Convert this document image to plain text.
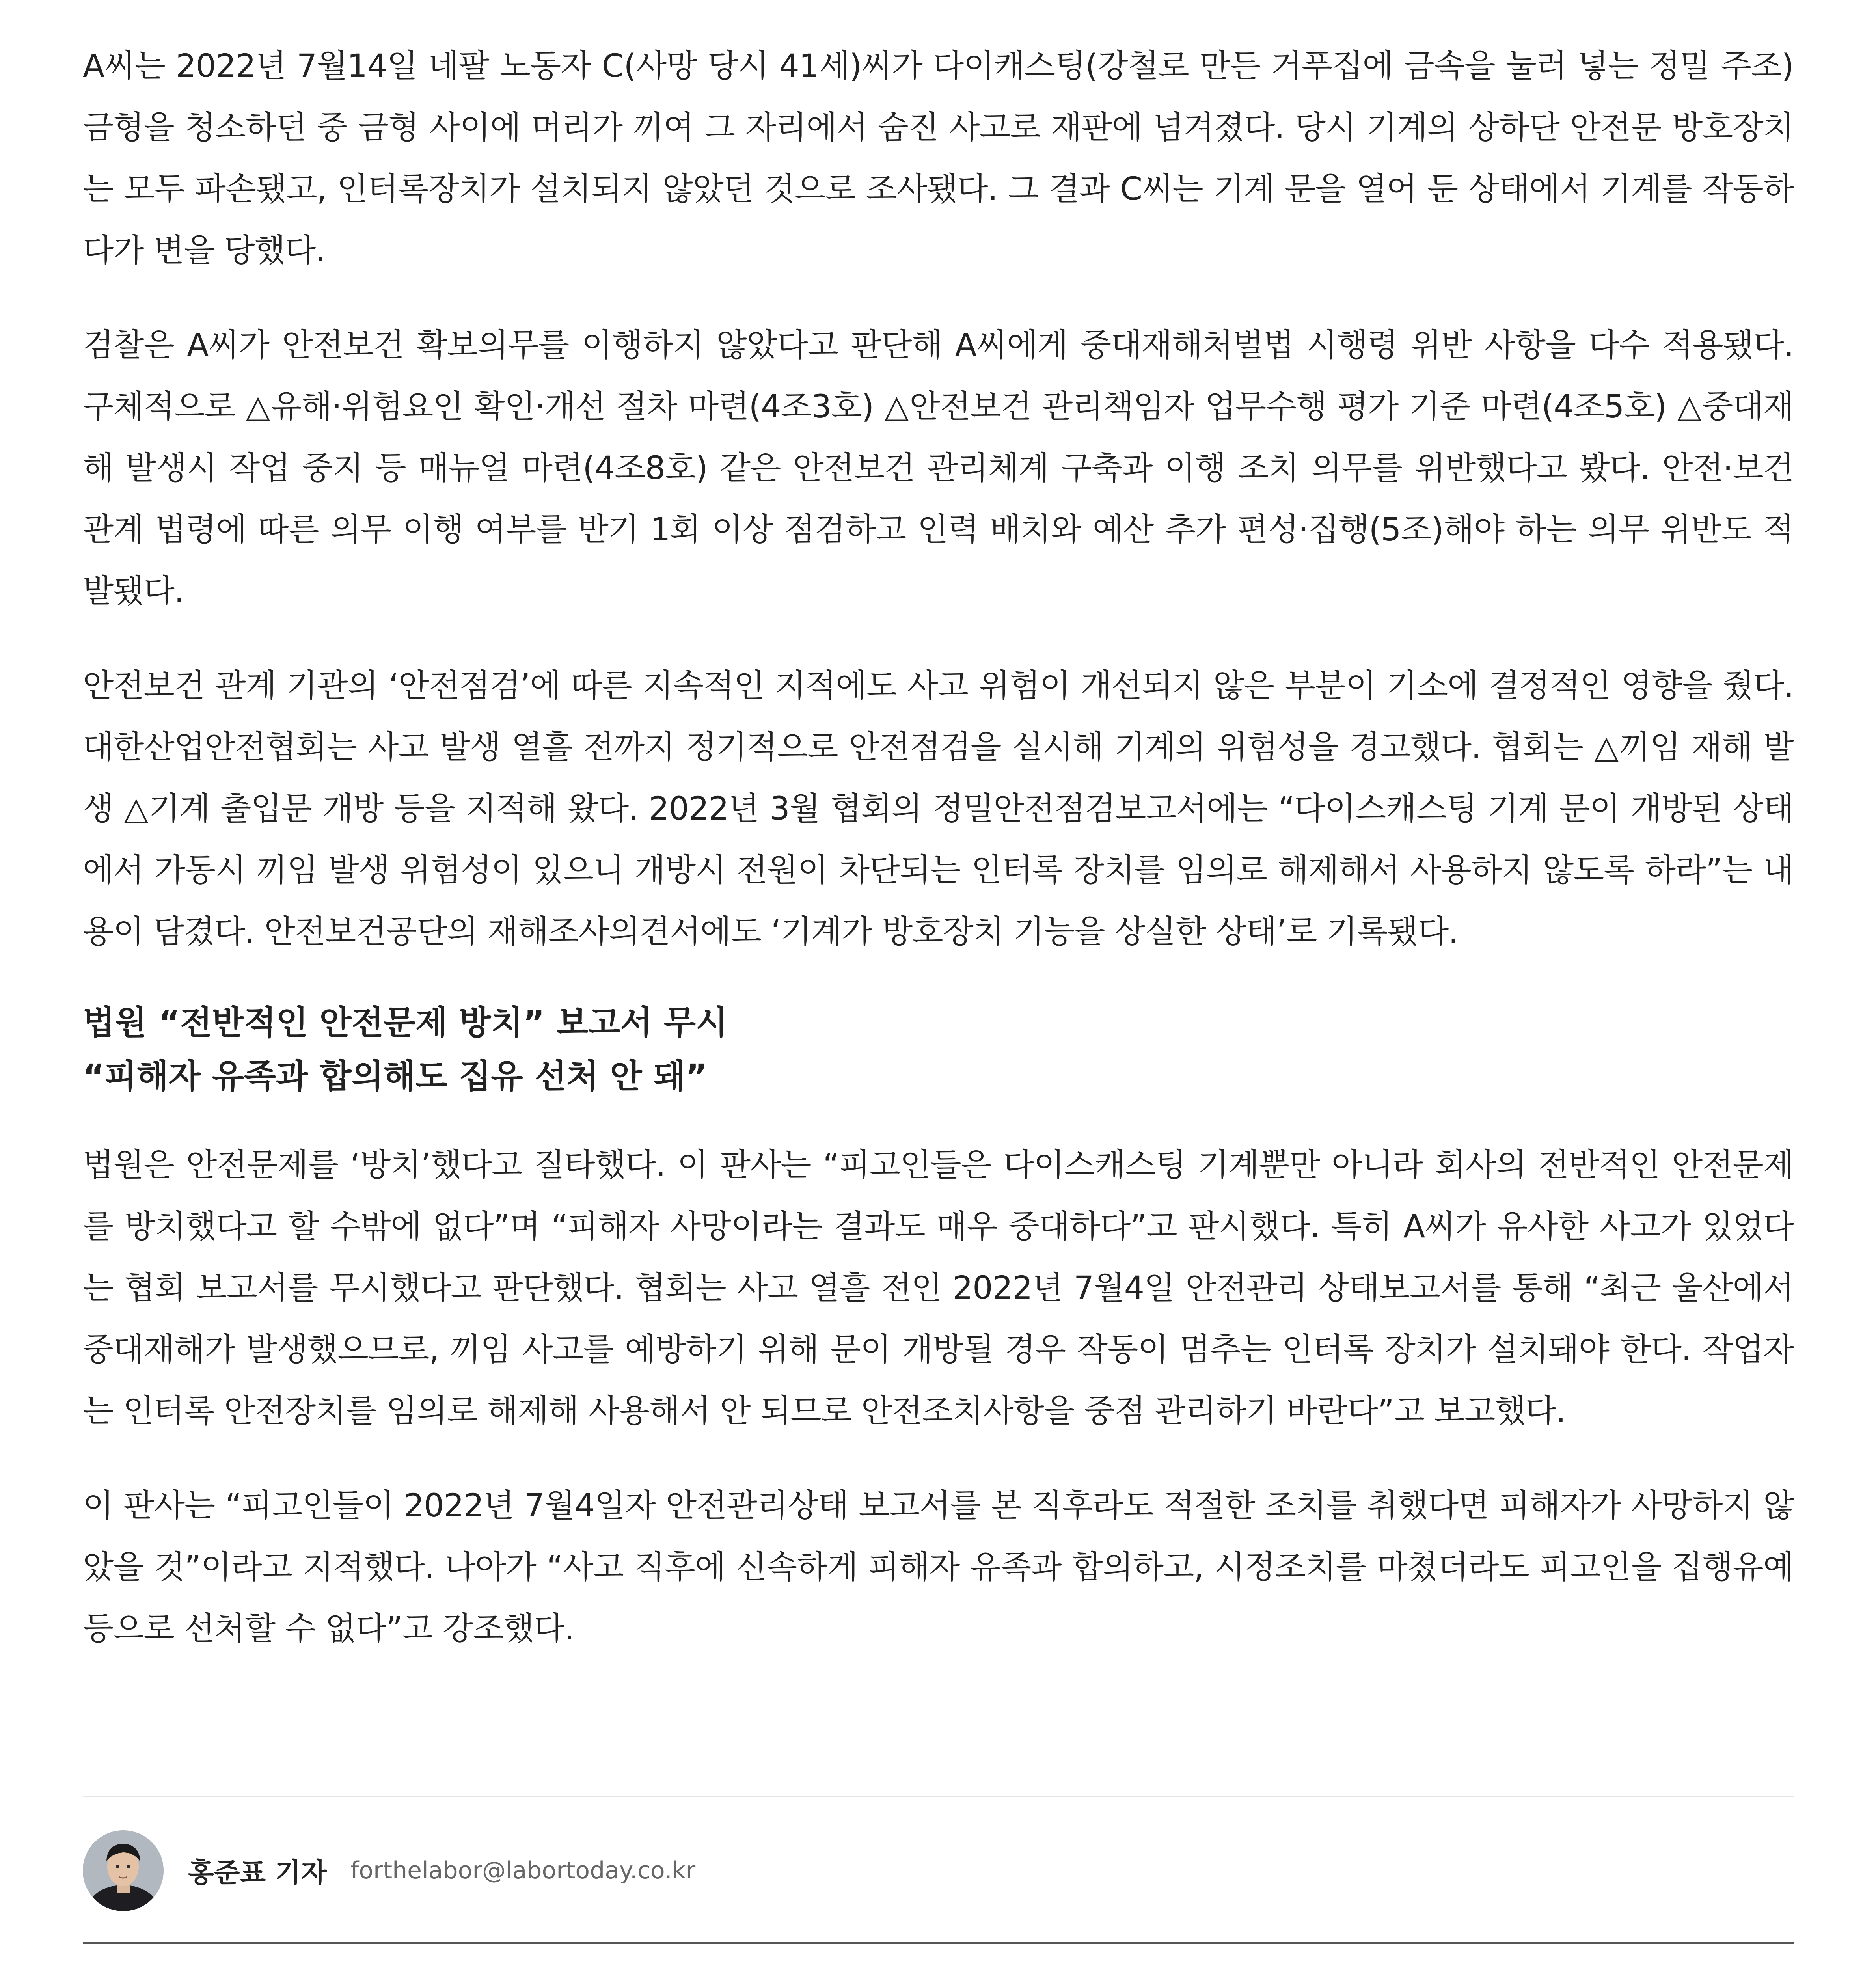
A씨는 2022년 7월14일 네팔 노동자 C(사망 당시 41세)씨가 다이캐스팅(강철로 만든 거푸집에 금속을 눌러 넣는 정밀 주조) 금형을 청소하던 중 금형 사이에 머리가 끼여 그 자리에서 숨진 사고로 재판에 넘겨졌다. 당시 기계의 상하단 안전문 방호장치는 모두 파손됐고, 인터록장치가 설치되지 않았던 것으로 조사됐다. 그 결과 C씨는 기계 문을 열어 둔 상태에서 기계를 작동하다가 변을 당했다.

검찰은 A씨가 안전보건 확보의무를 이행하지 않았다고 판단해 A씨에게 중대재해처벌법 시행령 위반 사항을 다수 적용됐다. 구체적으로 △유해·위험요인 확인·개선 절차 마련(4조3호) △안전보건 관리책임자 업무수행 평가 기준 마련(4조5호) △중대재해 발생시 작업 중지 등 매뉴얼 마련(4조8호) 같은 안전보건 관리체계 구축과 이행 조치 의무를 위반했다고 봤다. 안전·보건 관계 법령에 따른 의무 이행 여부를 반기 1회 이상 점검하고 인력 배치와 예산 추가 편성·집행(5조)해야 하는 의무 위반도 적발됐다.

안전보건 관계 기관의 ‘안전점검’에 따른 지속적인 지적에도 사고 위험이 개선되지 않은 부분이 기소에 결정적인 영향을 줬다. 대한산업안전협회는 사고 발생 열흘 전까지 정기적으로 안전점검을 실시해 기계의 위험성을 경고했다. 협회는 △끼임 재해 발생 △기계 출입문 개방 등을 지적해 왔다. 2022년 3월 협회의 정밀안전점검보고서에는 “다이스캐스팅 기계 문이 개방된 상태에서 가동시 끼임 발생 위험성이 있으니 개방시 전원이 차단되는 인터록 장치를 임의로 해제해서 사용하지 않도록 하라”는 내용이 담겼다. 안전보건공단의 재해조사의견서에도 ‘기계가 방호장치 기능을 상실한 상태’로 기록됐다.

법원 “전반적인 안전문제 방치” 보고서 무시
“피해자 유족과 합의해도 집유 선처 안 돼”

법원은 안전문제를 ‘방치’했다고 질타했다. 이 판사는 “피고인들은 다이스캐스팅 기계뿐만 아니라 회사의 전반적인 안전문제를 방치했다고 할 수밖에 없다”며 “피해자 사망이라는 결과도 매우 중대하다”고 판시했다. 특히 A씨가 유사한 사고가 있었다는 협회 보고서를 무시했다고 판단했다. 협회는 사고 열흘 전인 2022년 7월4일 안전관리 상태보고서를 통해 “최근 울산에서 중대재해가 발생했으므로, 끼임 사고를 예방하기 위해 문이 개방될 경우 작동이 멈추는 인터록 장치가 설치돼야 한다. 작업자는 인터록 안전장치를 임의로 해제해 사용해서 안 되므로 안전조치사항을 중점 관리하기 바란다”고 보고했다.

이 판사는 “피고인들이 2022년 7월4일자 안전관리상태 보고서를 본 직후라도 적절한 조치를 취했다면 피해자가 사망하지 않았을 것”이라고 지적했다. 나아가 “사고 직후에 신속하게 피해자 유족과 합의하고, 시정조치를 마쳤더라도 피고인을 집행유예 등으로 선처할 수 없다”고 강조했다.

홍준표 기자 forthelabor@labortoday.co.kr
